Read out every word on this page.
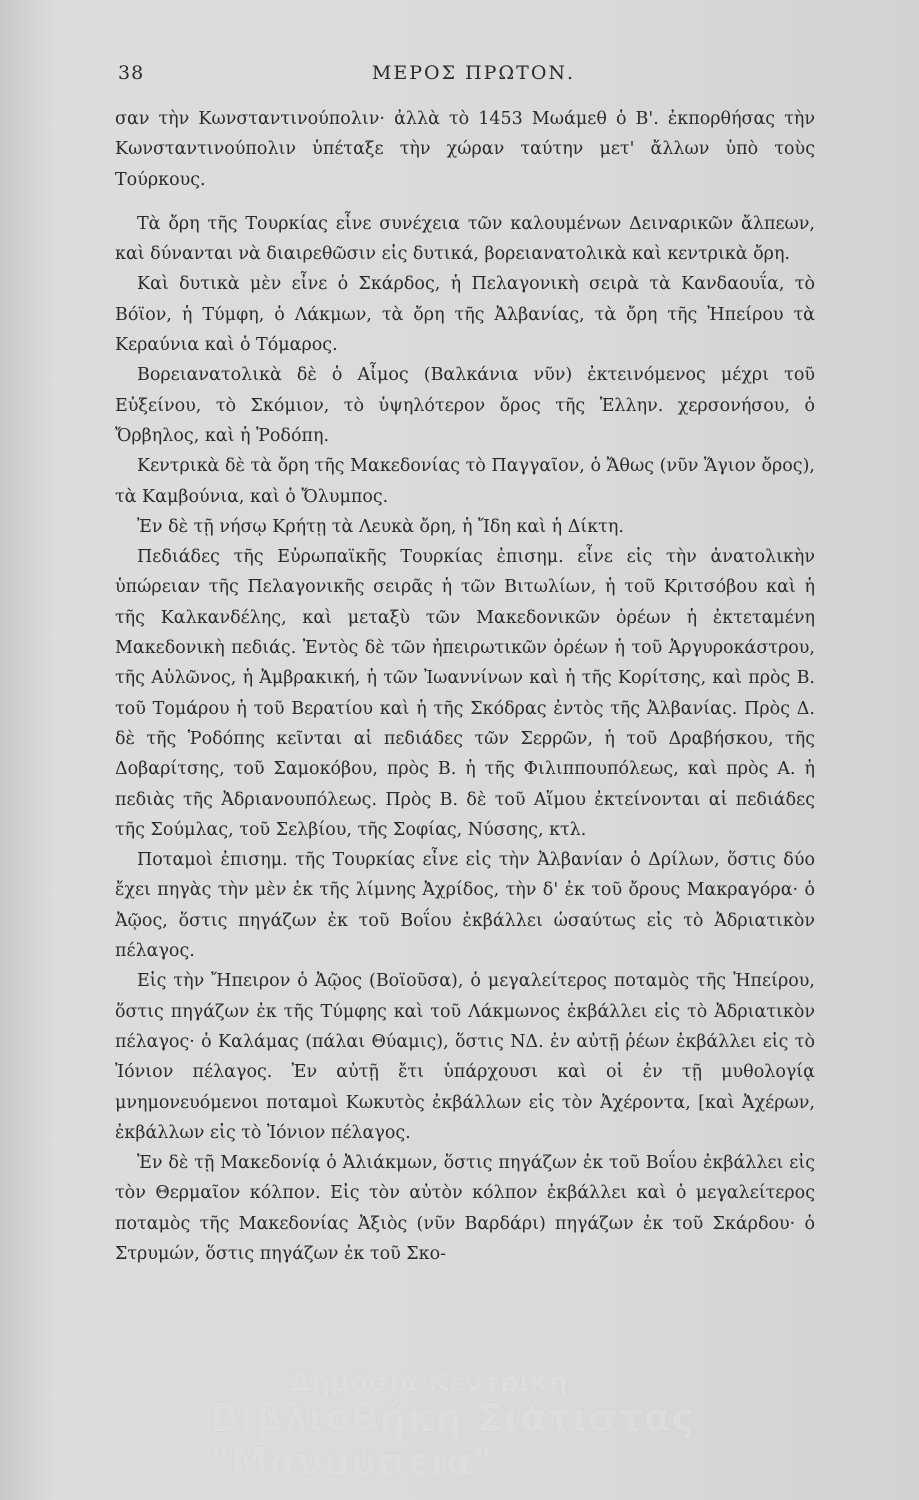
38	ΜΕΡΟΣ ΠΡΩΤΟΝ.

σαν τὴν Κωνσταντινούπολιν· ἀλλὰ τὸ 1453 Μωάμεθ ὁ Β'. ἐκπορθήσας τὴν Κωνσταντινούπολιν ὑπέταξε τὴν χώραν ταύτην μετ' ἄλλων ὑπὸ τοὺς Τούρκους.

Τὰ ὄρη τῆς Τουρκίας εἶνε συνέχεια τῶν καλουμένων Δειναρικῶν ἄλπεων, καὶ δύνανται νὰ διαιρεθῶσιν εἰς δυτικά, βορειανατολικὰ καὶ κεντρικὰ ὄρη.

Καὶ δυτικὰ μὲν εἶνε ὁ Σκάρδος, ἡ Πελαγονικὴ σειρὰ τὰ Κανδαουΐα, τὸ Βόϊον, ἡ Τύμφη, ὁ Λάκμων, τὰ ὄρη τῆς Ἀλβανίας, τὰ ὄρη τῆς Ἠπείρου τὰ Κεραύνια καὶ ὁ Τόμαρος.

Βορειανατολικὰ δὲ ὁ Αἶμος (Βαλκάνια νῦν) ἐκτεινόμενος μέχρι τοῦ Εὐξείνου, τὸ Σκόμιον, τὸ ὑψηλότερον ὄρος τῆς Ἑλλην. χερσονήσου, ὁ Ὄρβηλος, καὶ ἡ Ῥοδόπη.

Κεντρικὰ δὲ τὰ ὄρη τῆς Μακεδονίας τὸ Παγγαῖον, ὁ Ἄθως (νῦν Ἅγιον ὄρος), τὰ Καμβούνια, καὶ ὁ Ὄλυμπος.

Ἐν δὲ τῇ νήσῳ Κρήτῃ τὰ Λευκὰ ὄρη, ἡ Ἴδη καὶ ἡ Δίκτη.

Πεδιάδες τῆς Εὐρωπαϊκῆς Τουρκίας ἐπισημ. εἶνε εἰς τὴν ἀνατολικὴν ὑπώρειαν τῆς Πελαγονικῆς σειρᾶς ἡ τῶν Βιτωλίων, ἡ τοῦ Κριτσόβου καὶ ἡ τῆς Καλκανδέλης, καὶ μεταξὺ τῶν Μακεδονικῶν ὀρέων ἡ ἐκτεταμένη Μακεδονικὴ πεδιάς. Ἐντὸς δὲ τῶν ἠπειρωτικῶν ὀρέων ἡ τοῦ Ἀργυροκάστρου, τῆς Αὐλῶνος, ἡ Ἀμβρακική, ἡ τῶν Ἰωαννίνων καὶ ἡ τῆς Κορίτσης, καὶ πρὸς Β. τοῦ Τομάρου ἡ τοῦ Βερατίου καὶ ἡ τῆς Σκόδρας ἐντὸς τῆς Ἀλβανίας. Πρὸς Δ. δὲ τῆς Ῥοδόπης κεῖνται αἱ πεδιάδες τῶν Σερρῶν, ἡ τοῦ Δραβήσκου, τῆς Δοβαρίτσης, τοῦ Σαμοκόβου, πρὸς Β. ἡ τῆς Φιλιππουπόλεως, καὶ πρὸς Α. ἡ πεδιὰς τῆς Ἀδριανουπόλεως. Πρὸς Β. δὲ τοῦ Αἵμου ἐκτείνονται αἱ πεδιάδες τῆς Σούμλας, τοῦ Σελβίου, τῆς Σοφίας, Νύσσης, κτλ.

Ποταμοὶ ἐπισημ. τῆς Τουρκίας εἶνε εἰς τὴν Ἀλβανίαν ὁ Δρίλων, ὅστις δύο ἔχει πηγὰς τὴν μὲν ἐκ τῆς λίμνης Ἀχρίδος, τὴν δ' ἐκ τοῦ ὄρους Μακραγόρα· ὁ Ἀῷος, ὅστις πηγάζων ἐκ τοῦ Βοΐου ἐκβάλλει ὡσαύτως εἰς τὸ Ἀδριατικὸν πέλαγος.

Εἰς τὴν Ἤπειρον ὁ Ἀῷος (Βοϊοῦσα), ὁ μεγαλείτερος ποταμὸς τῆς Ἠπείρου, ὅστις πηγάζων ἐκ τῆς Τύμφης καὶ τοῦ Λάκμωνος ἐκβάλλει εἰς τὸ Ἀδριατικὸν πέλαγος· ὁ Καλάμας (πάλαι Θύαμις), ὅστις ΝΔ. ἐν αὐτῇ ῥέων ἐκβάλλει εἰς τὸ Ἰόνιον πέλαγος. Ἐν αὐτῇ ἔτι ὑπάρχουσι καὶ οἱ ἐν τῇ μυθολογίᾳ μνημονευόμενοι ποταμοὶ Κωκυτὸς ἐκβάλλων εἰς τὸν Ἀχέροντα, [καὶ Ἀχέρων, ἐκβάλλων εἰς τὸ Ἰόνιον πέλαγος.

Ἐν δὲ τῇ Μακεδονίᾳ ὁ Ἀλιάκμων, ὅστις πηγάζων ἐκ τοῦ Βοΐου ἐκβάλλει εἰς τὸν Θερμαῖον κόλπον. Εἰς τὸν αὐτὸν κόλπον ἐκβάλλει καὶ ὁ μεγαλείτερος ποταμὸς τῆς Μακεδονίας Ἀξιὸς (νῦν Βαρδάρι) πηγάζων ἐκ τοῦ Σκάρδου· ὁ Στρυμών, ὅστις πηγάζων ἐκ τοῦ Σκο-

Δημόσια Κεντρική
Βιβλιοθήκη Σιάτιστας "Μανούσεια"
